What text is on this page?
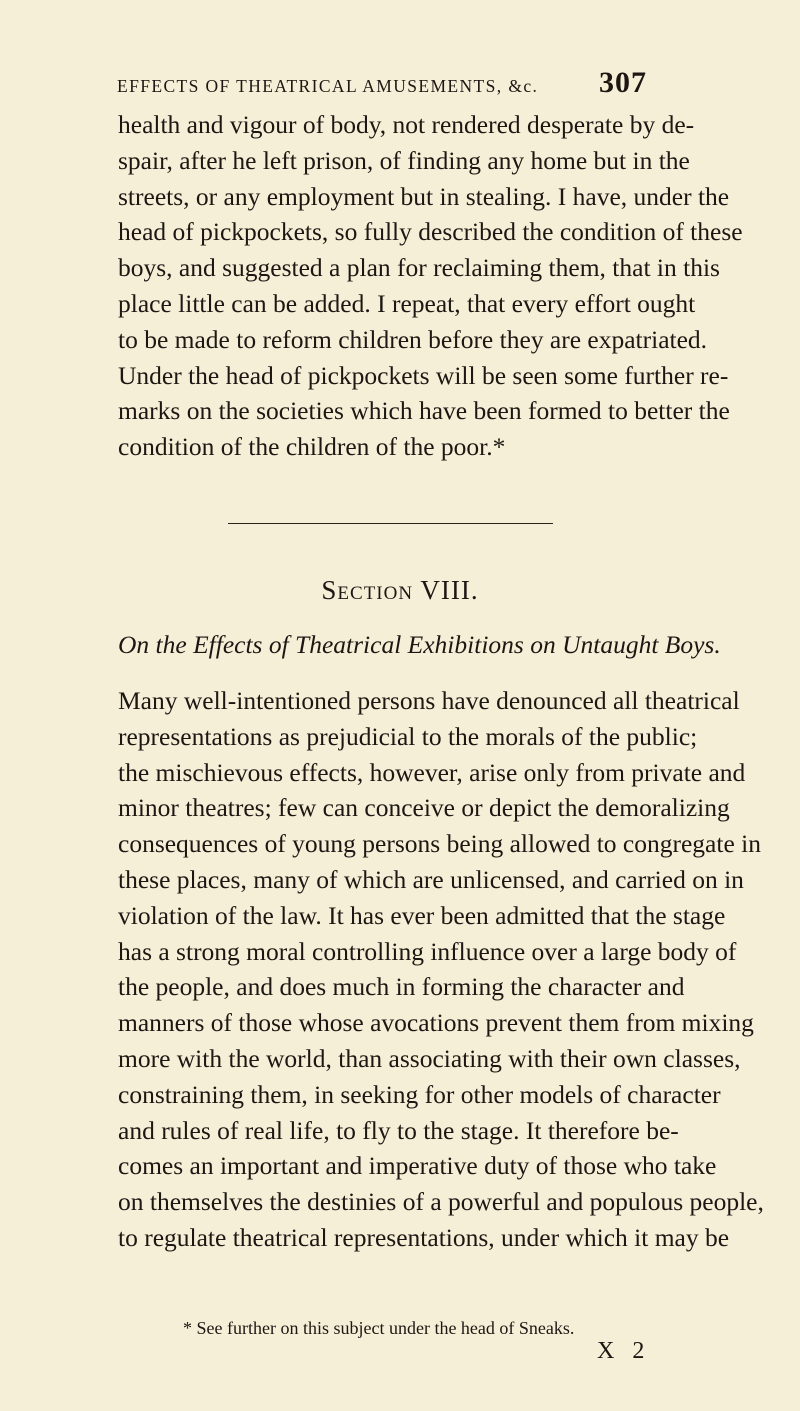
EFFECTS OF THEATRICAL AMUSEMENTS, &c. 307
health and vigour of body, not rendered desperate by de-
spair, after he left prison, of finding any home but in the
streets, or any employment but in stealing. I have, under the
head of pickpockets, so fully described the condition of these
boys, and suggested a plan for reclaiming them, that in this
place little can be added. I repeat, that every effort ought
to be made to reform children before they are expatriated.
Under the head of pickpockets will be seen some further re-
marks on the societies which have been formed to better the
condition of the children of the poor.*
Section VIII.
On the Effects of Theatrical Exhibitions on Untaught Boys.
Many well-intentioned persons have denounced all theatrical
representations as prejudicial to the morals of the public;
the mischievous effects, however, arise only from private and
minor theatres; few can conceive or depict the demoralizing
consequences of young persons being allowed to congregate in
these places, many of which are unlicensed, and carried on in
violation of the law. It has ever been admitted that the stage
has a strong moral controlling influence over a large body of
the people, and does much in forming the character and
manners of those whose avocations prevent them from mixing
more with the world, than associating with their own classes,
constraining them, in seeking for other models of character
and rules of real life, to fly to the stage. It therefore be-
comes an important and imperative duty of those who take
on themselves the destinies of a powerful and populous people,
to regulate theatrical representations, under which it may be
* See further on this subject under the head of Sneaks.
X 2
